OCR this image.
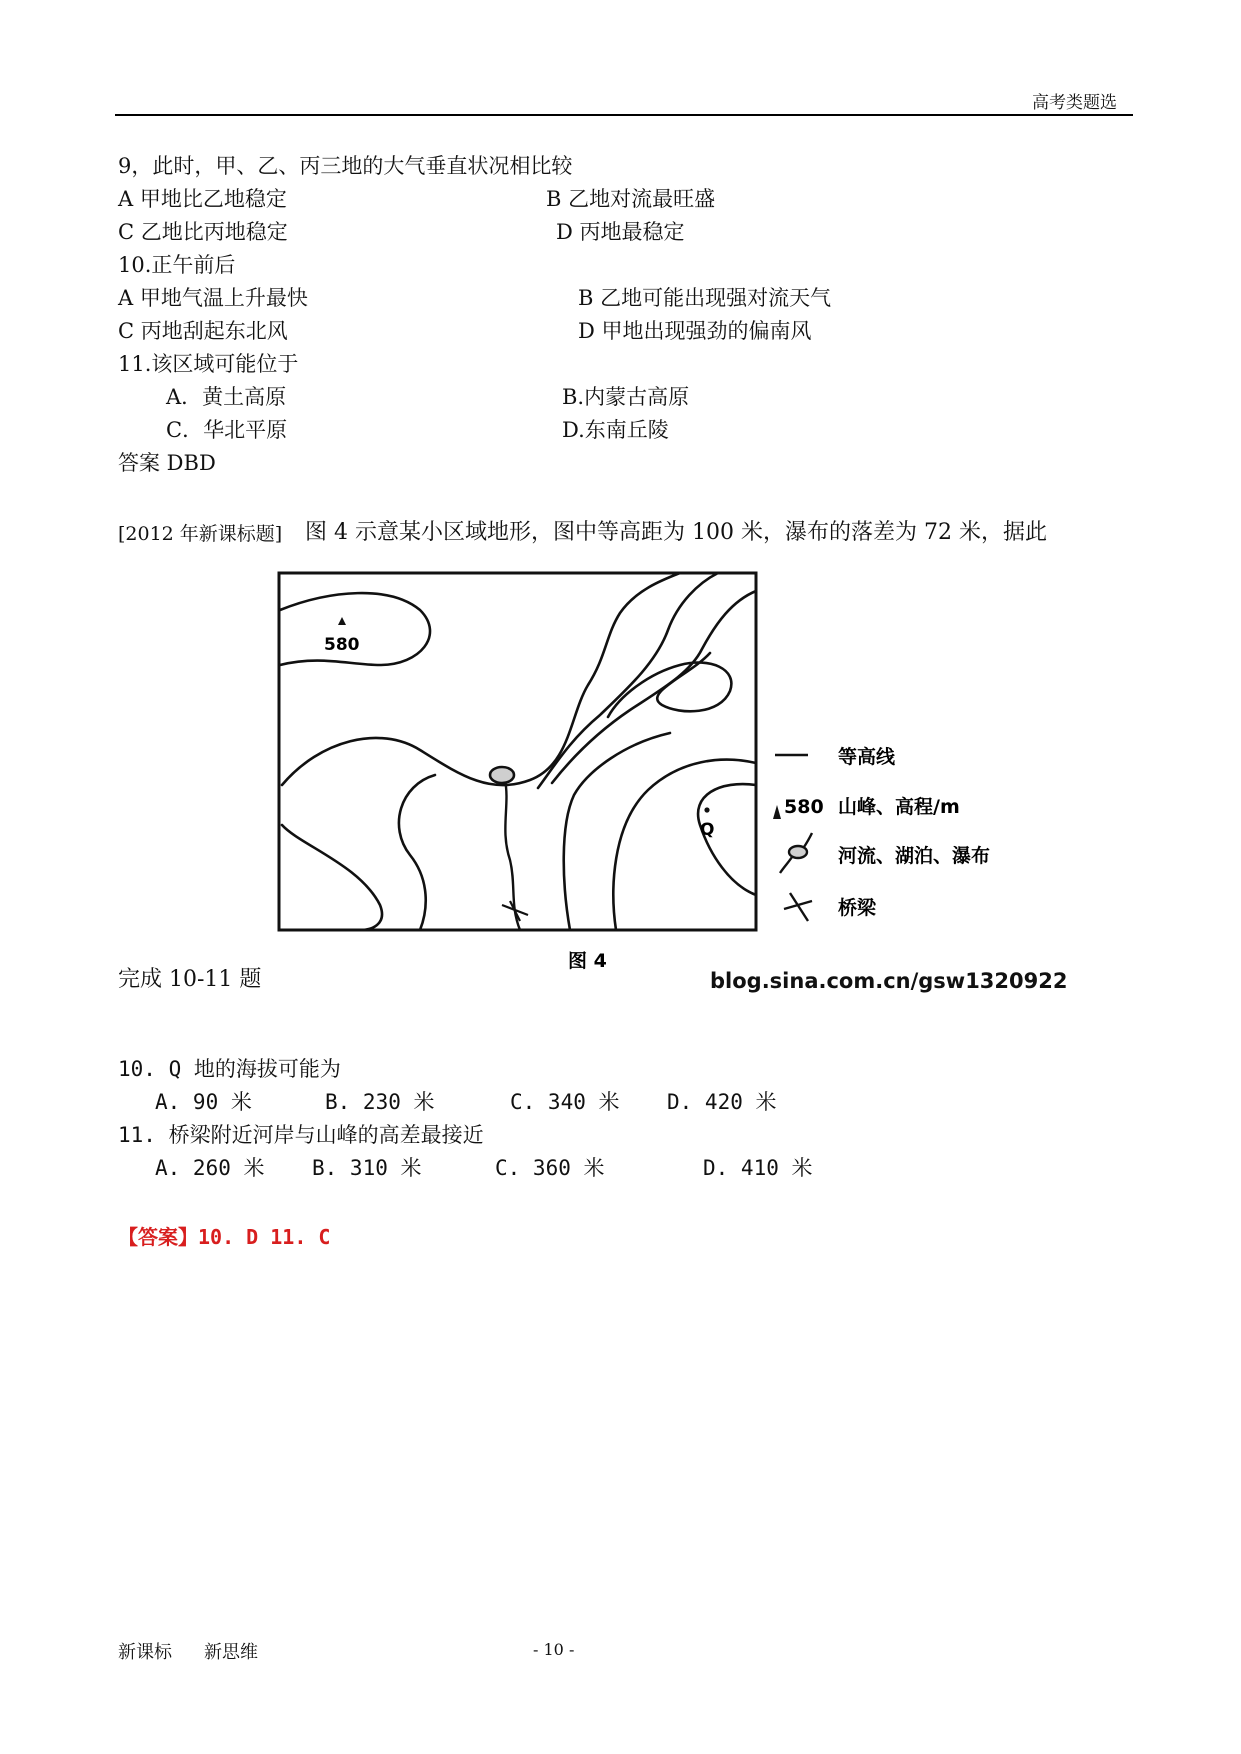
高考类题选
9，此时，甲、乙、丙三地的大气垂直状况相比较
A 甲地比乙地稳定	B 乙地对流最旺盛
C 乙地比丙地稳定	D 丙地最稳定
10.正午前后
A 甲地气温上升最快	B 乙地可能出现强对流天气
C 丙地刮起东北风	D 甲地出现强劲的偏南风
11.该区域可能位于
A．黄土高原	B.内蒙古高原
C．华北平原	D.东南丘陵
答案 DBD
[2012 年新课标题] 图 4 示意某小区域地形，图中等高距为 100 米，瀑布的落差为 72 米，据此
580
Q
等高线
580 山峰、高程/m
河流、湖泊、瀑布
桥梁
图 4
完成 10-11 题	blog.sina.com.cn/gsw1320922
10. Q 地的海拔可能为
A. 90 米	B. 230 米	C. 340 米 D. 420 米
11. 桥梁附近河岸与山峰的高差最接近
A. 260 米 B. 310 米	C. 360 米	D. 410 米
【答案】10. D 11. C
新课标 新思维	- 10 -
